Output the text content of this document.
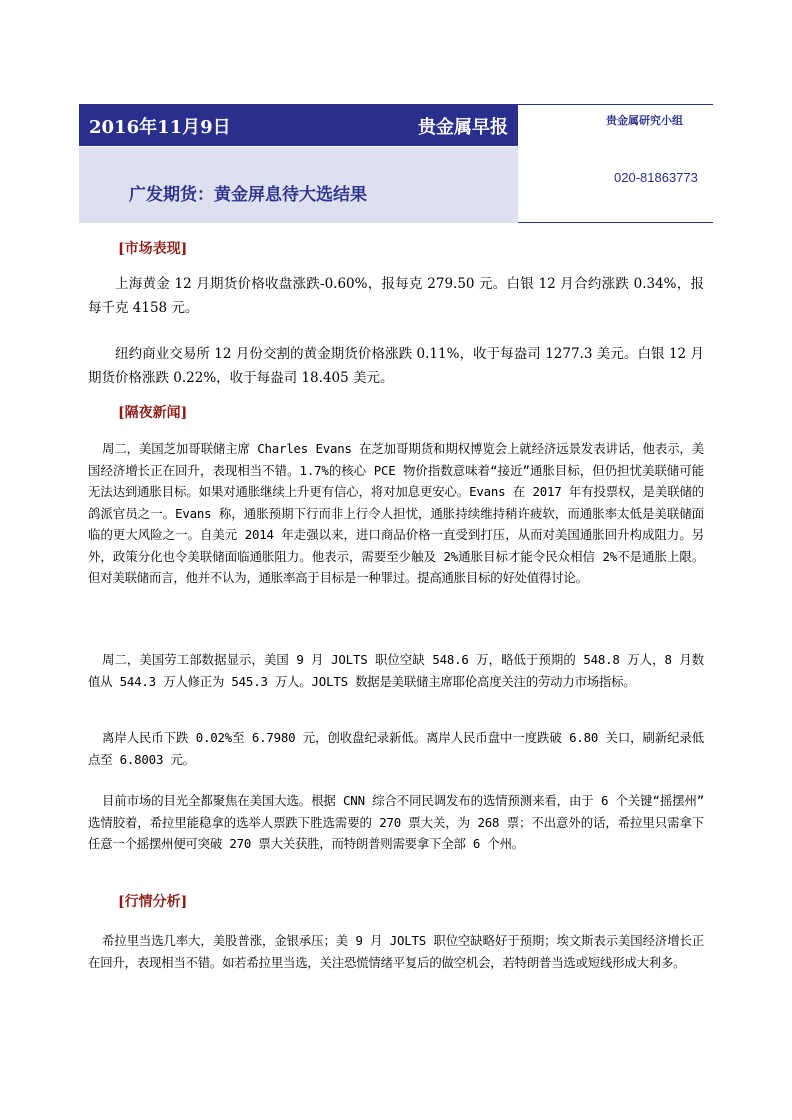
2016年11月9日	贵金属早报
广发期货：黄金屏息待大选结果
贵金属研究小组
020-81863773
[市场表现]

上海黄金 12 月期货价格收盘涨跌-0.60%，报每克 279.50 元。白银 12 月合约涨跌 0.34%，报每千克 4158 元。

纽约商业交易所 12 月份交割的黄金期货价格涨跌 0.11%，收于每盎司 1277.3 美元。白银 12 月期货价格涨跌 0.22%，收于每盎司 18.405 美元。

[隔夜新闻]

周二，美国芝加哥联储主席 Charles Evans 在芝加哥期货和期权博览会上就经济远景发表讲话，他表示，美国经济增长正在回升，表现相当不错。1.7%的核心 PCE 物价指数意味着“接近”通胀目标，但仍担忧美联储可能无法达到通胀目标。如果对通胀继续上升更有信心，将对加息更安心。Evans 在 2017 年有投票权，是美联储的鸽派官员之一。Evans 称，通胀预期下行而非上行令人担忧，通胀持续维持稍许疲软，而通胀率太低是美联储面临的更大风险之一。自美元 2014 年走强以来，进口商品价格一直受到打压，从而对美国通胀回升构成阻力。另外，政策分化也令美联储面临通胀阻力。他表示，需要至少触及 2%通胀目标才能令民众相信 2%不是通胀上限。但对美联储而言，他并不认为，通胀率高于目标是一种罪过。提高通胀目标的好处值得讨论。

周二，美国劳工部数据显示，美国 9 月 JOLTS 职位空缺 548.6 万，略低于预期的 548.8 万人，8 月数值从 544.3 万人修正为 545.3 万人。JOLTS 数据是美联储主席耶伦高度关注的劳动力市场指标。

离岸人民币下跌 0.02%至 6.7980 元，创收盘纪录新低。离岸人民币盘中一度跌破 6.80 关口，刷新纪录低点至 6.8003 元。

目前市场的目光全都聚焦在美国大选。根据 CNN 综合不同民调发布的选情预测来看，由于 6 个关键“摇摆州” 选情胶着，希拉里能稳拿的选举人票跌下胜选需要的 270 票大关，为 268 票；不出意外的话，希拉里只需拿下任意一个摇摆州便可突破 270 票大关获胜，而特朗普则需要拿下全部 6 个州。

[行情分析]

希拉里当选几率大，美股普涨，金银承压；美 9 月 JOLTS 职位空缺略好于预期；埃文斯表示美国经济增长正在回升，表现相当不错。如若希拉里当选，关注恐慌情绪平复后的做空机会，若特朗普当选或短线形成大利多。
